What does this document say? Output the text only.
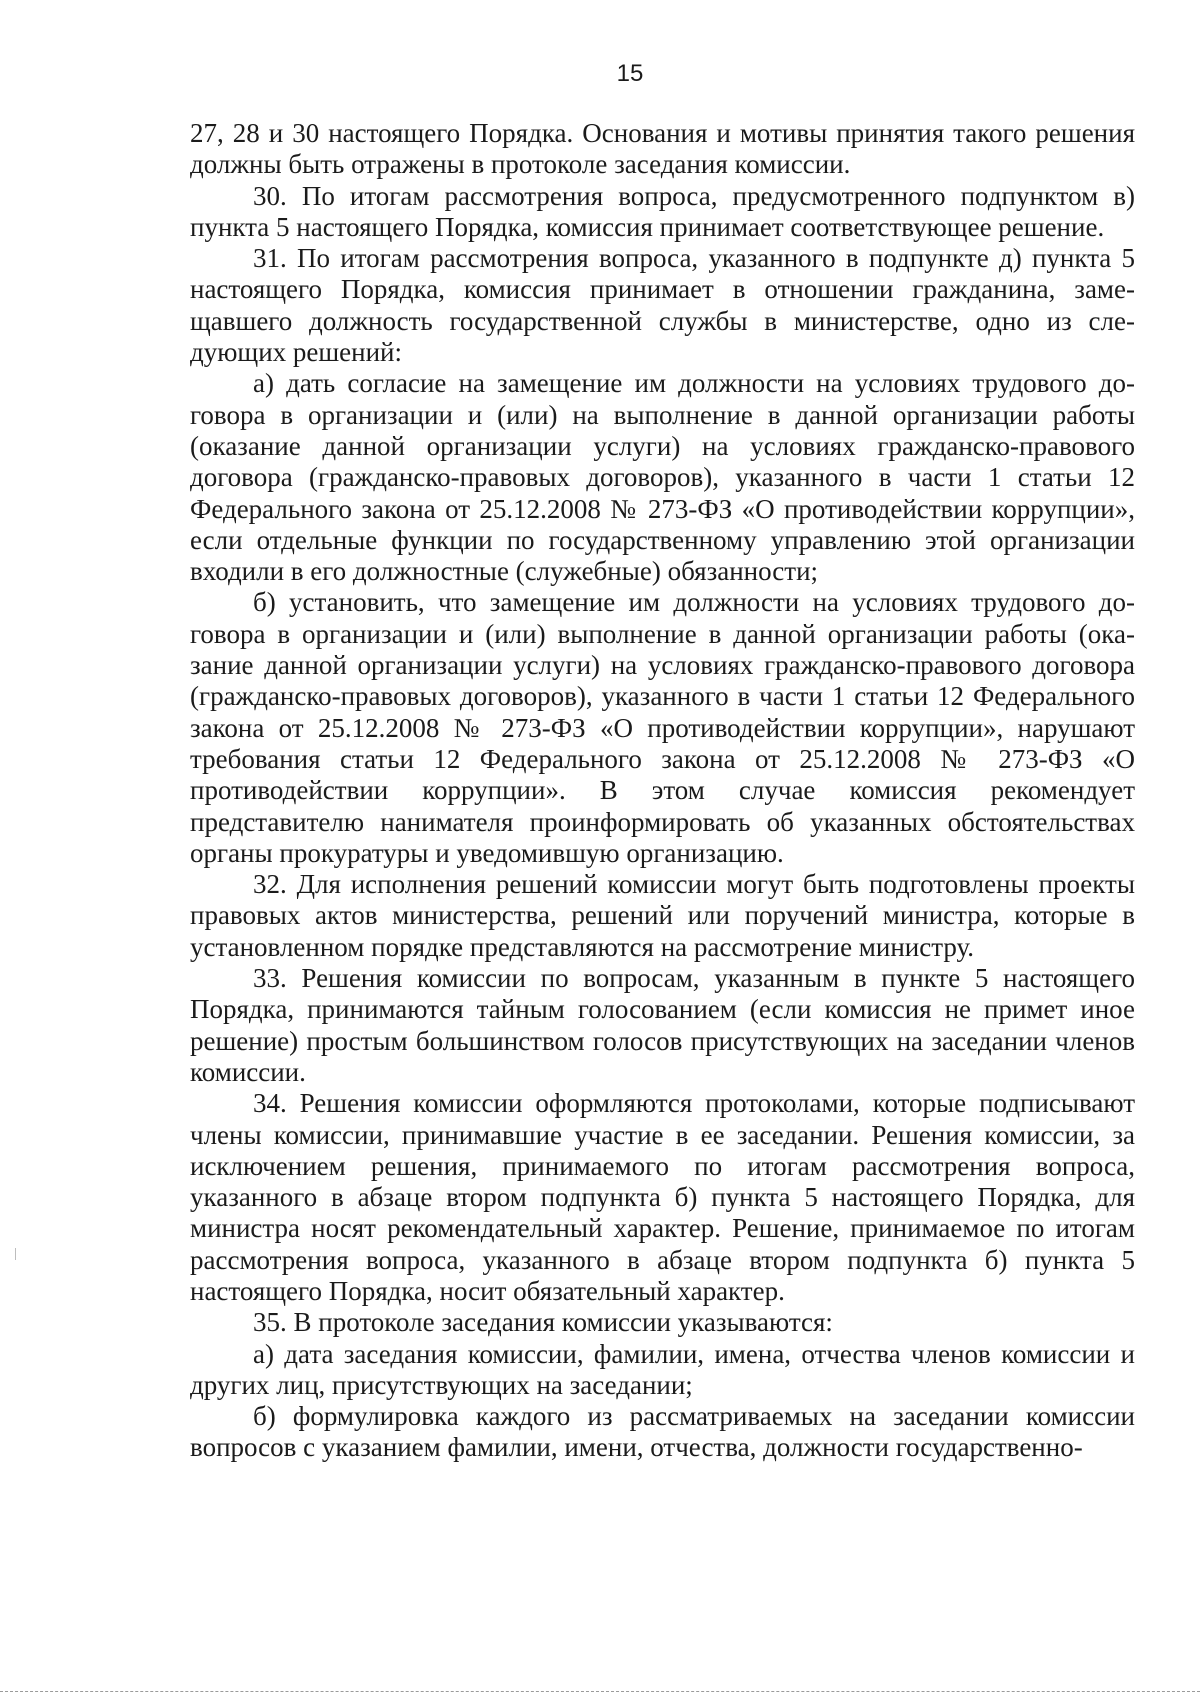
15

27, 28 и 30 настоящего Порядка. Основания и мотивы принятия такого решения должны быть отражены в протоколе заседания комиссии.

30. По итогам рассмотрения вопроса, предусмотренного подпунктом в) пункта 5 настоящего Порядка, комиссия принимает соответствующее решение.

31. По итогам рассмотрения вопроса, указанного в подпункте д) пункта 5 настоящего Порядка, комиссия принимает в отношении гражданина, замещавшего должность государственной службы в министерстве, одно из следующих решений:

а) дать согласие на замещение им должности на условиях трудового договора в организации и (или) на выполнение в данной организации работы (оказание данной организации услуги) на условиях гражданско-правового договора (гражданско-правовых договоров), указанного в части 1 статьи 12 Федерального закона от 25.12.2008 № 273-ФЗ «О противодействии коррупции», если отдельные функции по государственному управлению этой организации входили в его должностные (служебные) обязанности;

б) установить, что замещение им должности на условиях трудового договора в организации и (или) выполнение в данной организации работы (оказание данной организации услуги) на условиях гражданско-правового договора (гражданско-правовых договоров), указанного в части 1 статьи 12 Федерального закона от 25.12.2008 № 273-ФЗ «О противодействии коррупции», нарушают требования статьи 12 Федерального закона от 25.12.2008 № 273-ФЗ «О противодействии коррупции». В этом случае комиссия рекомендует представителю нанимателя проинформировать об указанных обстоятельствах органы прокуратуры и уведомившую организацию.

32. Для исполнения решений комиссии могут быть подготовлены проекты правовых актов министерства, решений или поручений министра, которые в установленном порядке представляются на рассмотрение министру.

33. Решения комиссии по вопросам, указанным в пункте 5 настоящего Порядка, принимаются тайным голосованием (если комиссия не примет иное решение) простым большинством голосов присутствующих на заседании членов комиссии.

34. Решения комиссии оформляются протоколами, которые подписывают члены комиссии, принимавшие участие в ее заседании. Решения комиссии, за исключением решения, принимаемого по итогам рассмотрения вопроса, указанного в абзаце втором подпункта б) пункта 5 настоящего Порядка, для министра носят рекомендательный характер. Решение, принимаемое по итогам рассмотрения вопроса, указанного в абзаце втором подпункта б) пункта 5 настоящего Порядка, носит обязательный характер.

35. В протоколе заседания комиссии указываются:

а) дата заседания комиссии, фамилии, имена, отчества членов комиссии и других лиц, присутствующих на заседании;

б) формулировка каждого из рассматриваемых на заседании комиссии вопросов с указанием фамилии, имени, отчества, должности государственно-
